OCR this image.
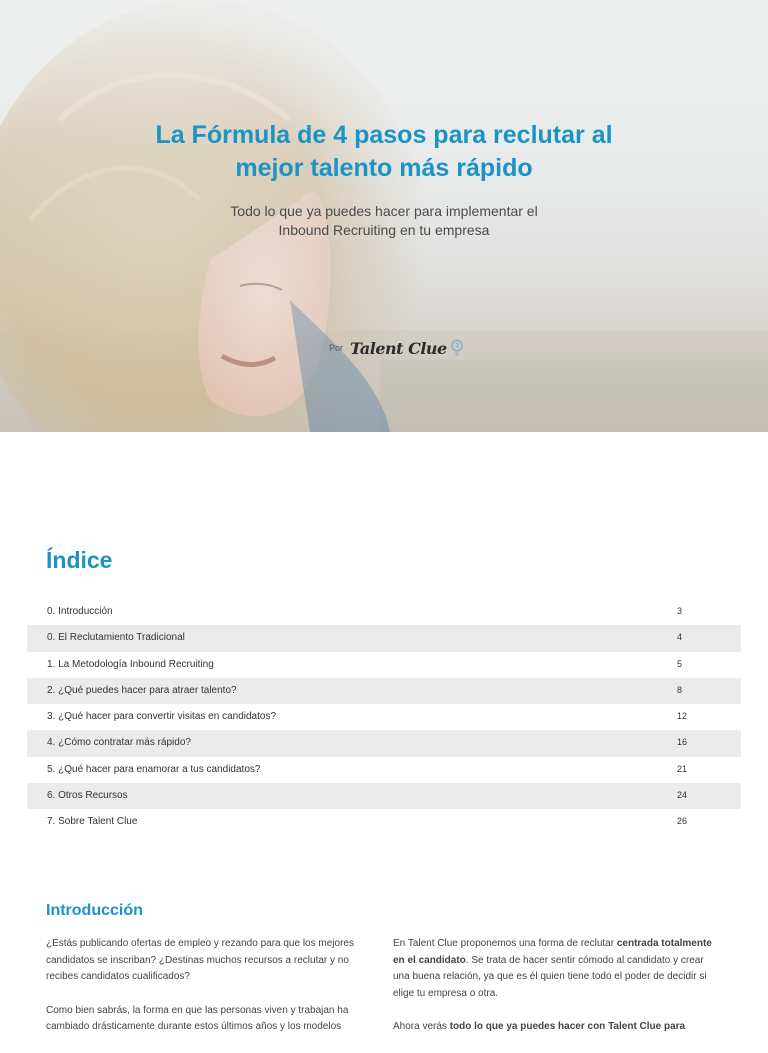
La Fórmula de 4 pasos para reclutar al
mejor talento más rápido

Todo lo que ya puedes hacer para implementar el
Inbound Recruiting en tu empresa

Por Talent Clue
Índice
0. Introducción	3
0. El Reclutamiento Tradicional	4
1. La Metodología Inbound Recruiting	5
2. ¿Qué puedes hacer para atraer talento?	8
3. ¿Qué hacer para convertir visitas en candidatos?	12
4. ¿Cómo contratar más rápido?	16
5. ¿Qué hacer para enamorar a tus candidatos?	21
6. Otros Recursos	24
7. Sobre Talent Clue	26
Introducción

¿Estás publicando ofertas de empleo y rezando para que los mejores candidatos se inscriban? ¿Destinas muchos recursos a reclutar y no recibes candidatos cualificados?

Como bien sabrás, la forma en que las personas viven y trabajan ha cambiado drásticamente durante estos últimos años y los modelos

En Talent Clue proponemos una forma de reclutar centrada totalmente en el candidato. Se trata de hacer sentir cómodo al candidato y crear una buena relación, ya que es él quien tiene todo el poder de decidir si elige tu empresa o otra.

Ahora verás todo lo que ya puedes hacer con Talent Clue para
